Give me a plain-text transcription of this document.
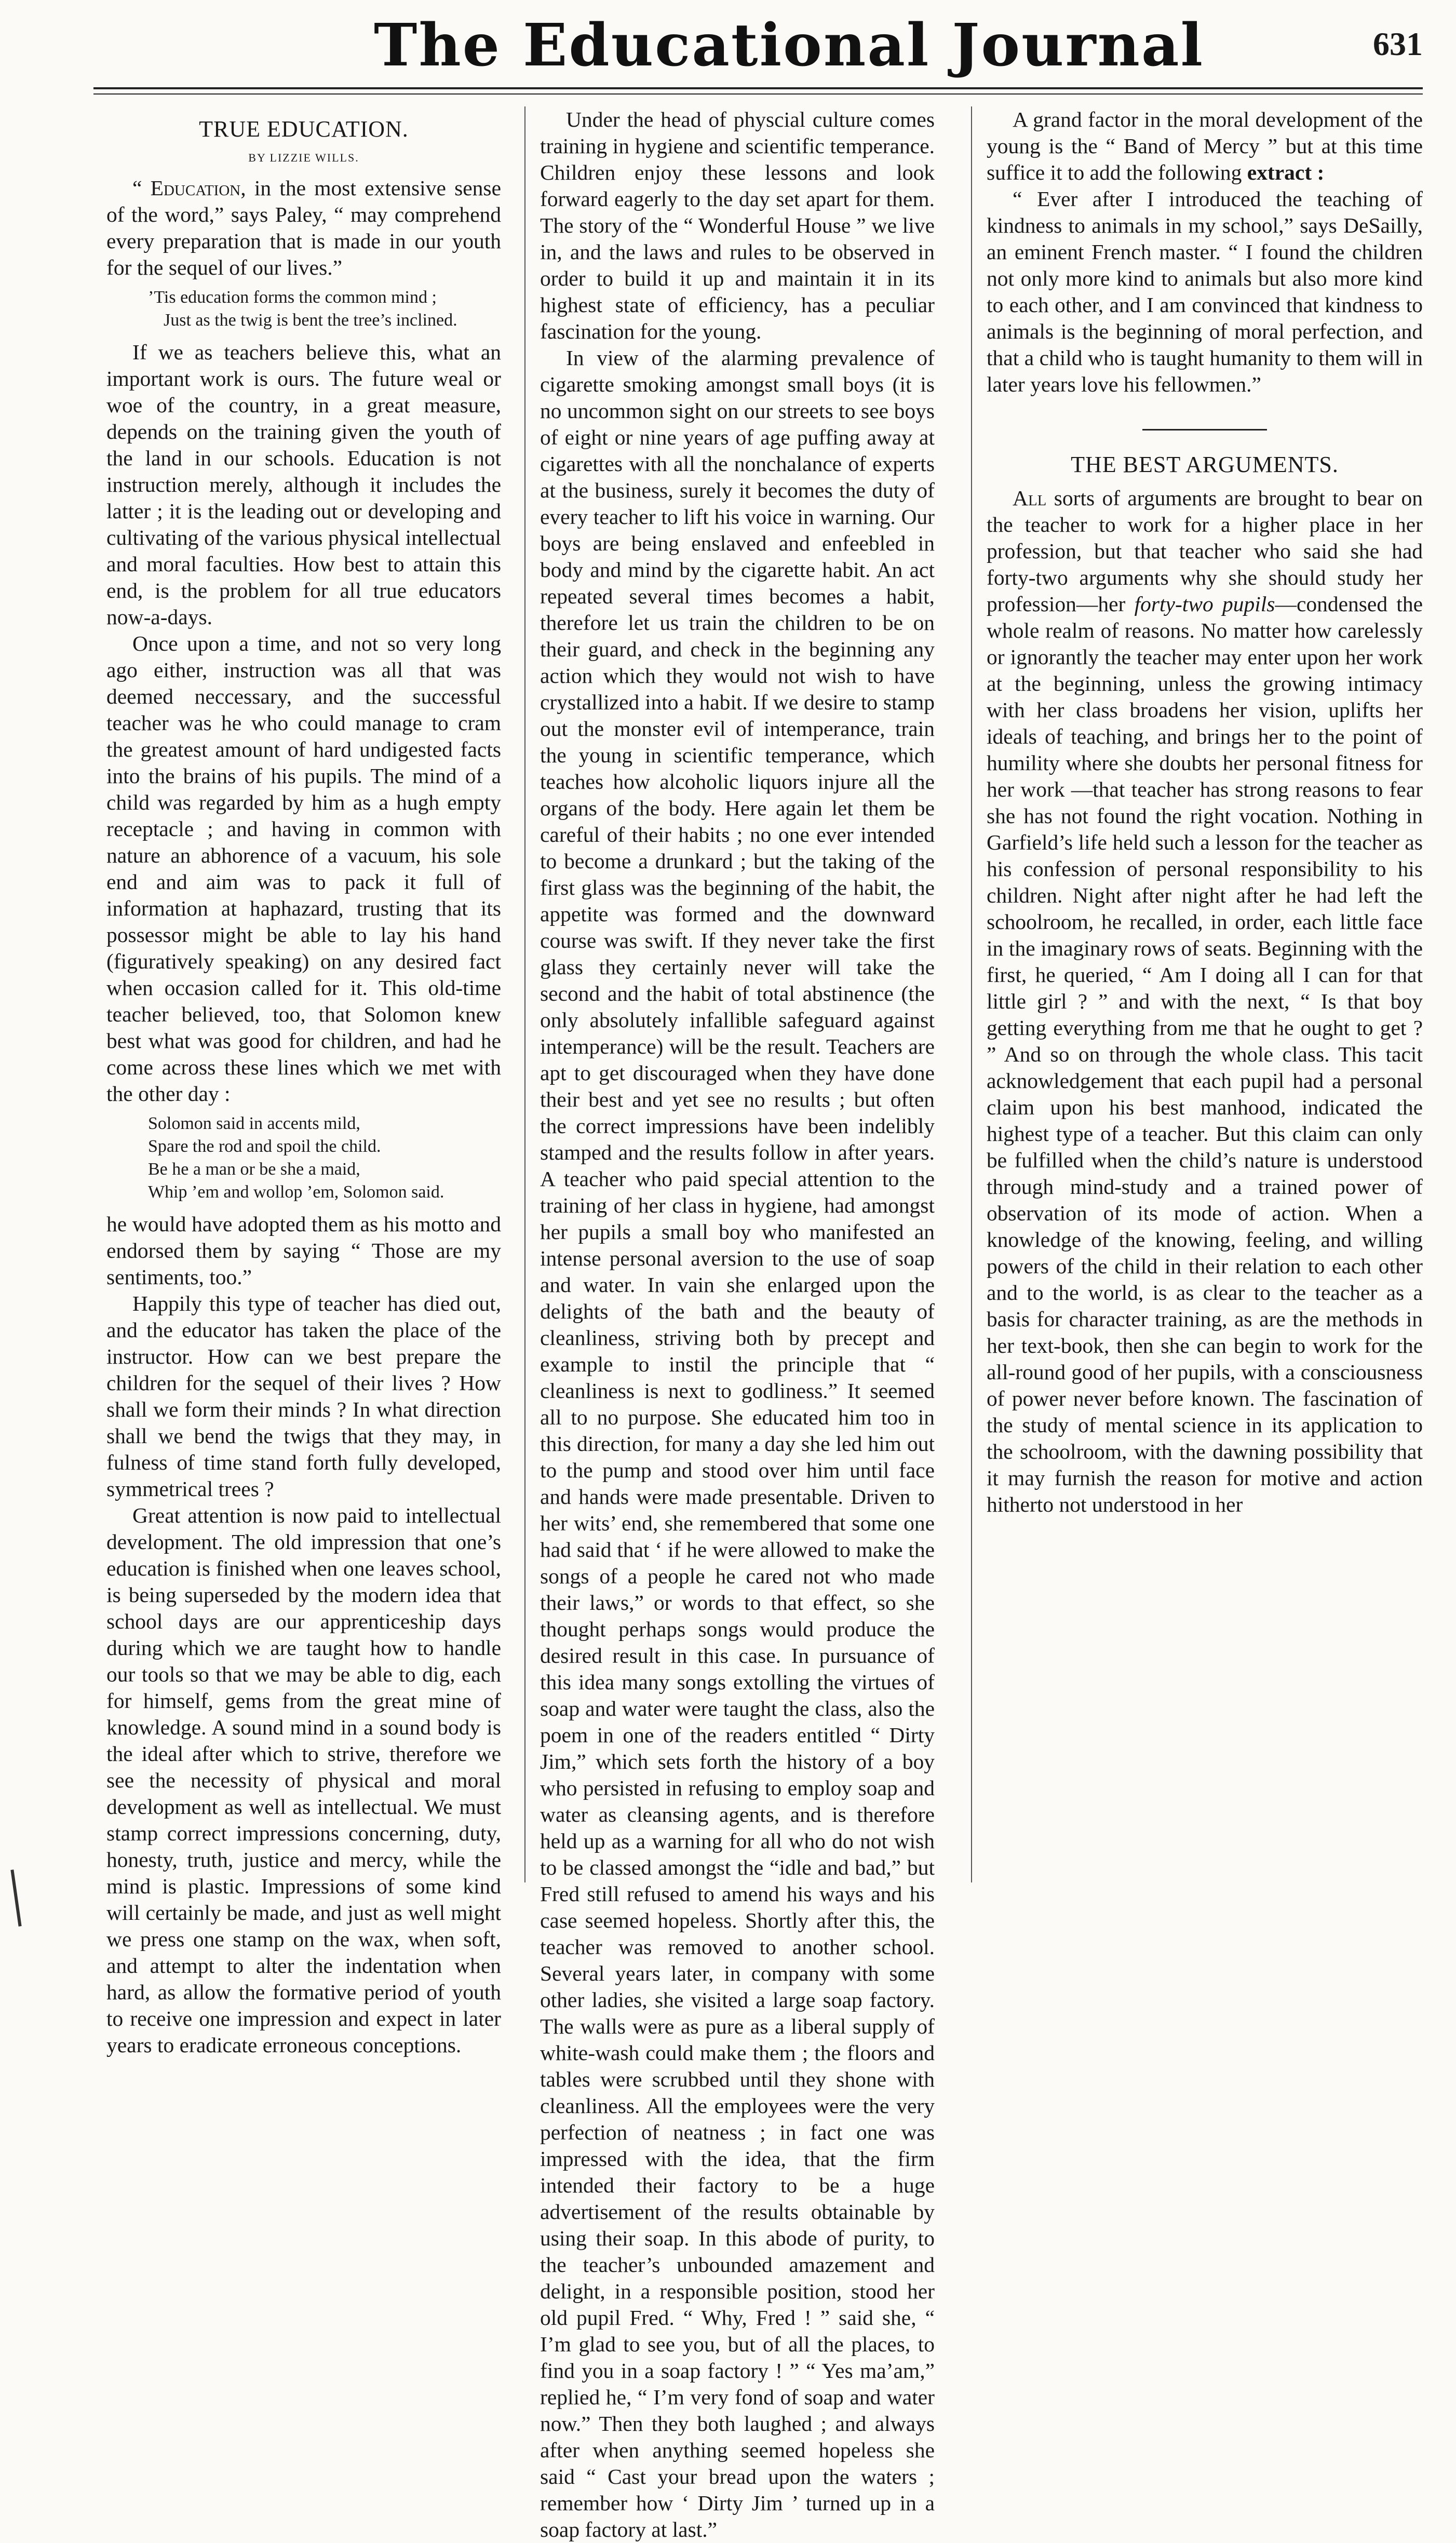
The Educational Journal	631
TRUE EDUCATION.
BY LIZZIE WILLS.

“ Education, in the most extensive sense of the word,” says Paley, “ may comprehend every preparation that is made in our youth for the sequel of our lives.”

’Tis education forms the common mind ;
Just as the twig is bent the tree’s inclined.

If we as teachers believe this, what an important work is ours. The future weal or woe of the country, in a great measure, depends on the training given the youth of the land in our schools. Education is not instruction merely, although it includes the latter ; it is the leading out or developing and cultivating of the various physical intellectual and moral faculties. How best to attain this end, is the problem for all true educators now-a-days.

Once upon a time, and not so very long ago either, instruction was all that was deemed neccessary, and the successful teacher was he who could manage to cram the greatest amount of hard undigested facts into the brains of his pupils. The mind of a child was regarded by him as a hugh empty receptacle ; and having in common with nature an abhorence of a vacuum, his sole end and aim was to pack it full of information at haphazard, trusting that its possessor might be able to lay his hand (figuratively speaking) on any desired fact when occasion called for it. This old-time teacher believed, too, that Solomon knew best what was good for children, and had he come across these lines which we met with the other day :

Solomon said in accents mild,
Spare the rod and spoil the child.
Be he a man or be she a maid,
Whip ’em and wollop ’em, Solomon said.

he would have adopted them as his motto and endorsed them by saying “ Those are my sentiments, too.”

Happily this type of teacher has died out, and the educator has taken the place of the instructor. How can we best prepare the children for the sequel of their lives ? How shall we form their minds ? In what direction shall we bend the twigs that they may, in fulness of time stand forth fully developed, symmetrical trees ?

Great attention is now paid to intellectual development. The old impression that one’s education is finished when one leaves school, is being superseded by the modern idea that school days are our apprenticeship days during which we are taught how to handle our tools so that we may be able to dig, each for himself, gems from the great mine of knowledge. A sound mind in a sound body is the ideal after which to strive, therefore we see the necessity of physical and moral development as well as intellectual. We must stamp correct impressions concerning, duty, honesty, truth, justice and mercy, while the mind is plastic. Impressions of some kind will certainly be made, and just as well might we press one stamp on the wax, when soft, and attempt to alter the indentation when hard, as allow the formative period of youth to receive one impression and expect in later years to eradicate erroneous conceptions.

Under the head of physcial culture comes training in hygiene and scientific temperance. Children enjoy these lessons and look forward eagerly to the day set apart for them. The story of the “ Wonderful House ” we live in, and the laws and rules to be observed in order to build it up and maintain it in its highest state of efficiency, has a peculiar fascination for the young.

In view of the alarming prevalence of cigarette smoking amongst small boys (it is no uncommon sight on our streets to see boys of eight or nine years of age puffing away at cigarettes with all the nonchalance of experts at the business, surely it becomes the duty of every teacher to lift his voice in warning. Our boys are being enslaved and enfeebled in body and mind by the cigarette habit. An act repeated several times becomes a habit, therefore let us train the children to be on their guard, and check in the beginning any action which they would not wish to have crystallized into a habit. If we desire to stamp out the monster evil of intemperance, train the young in scientific temperance, which teaches how alcoholic liquors injure all the organs of the body. Here again let them be careful of their habits ; no one ever intended to become a drunkard ; but the taking of the first glass was the beginning of the habit, the appetite was formed and the downward course was swift. If they never take the first glass they certainly never will take the second and the habit of total abstinence (the only absolutely infallible safeguard against intemperance) will be the result. Teachers are apt to get discouraged when they have done their best and yet see no results ; but often the correct impressions have been indelibly stamped and the results follow in after years. A teacher who paid special attention to the training of her class in hygiene, had amongst her pupils a small boy who manifested an intense personal aversion to the use of soap and water. In vain she enlarged upon the delights of the bath and the beauty of cleanliness, striving both by precept and example to instil the principle that “ cleanliness is next to godliness.” It seemed all to no purpose. She educated him too in this direction, for many a day she led him out to the pump and stood over him until face and hands were made presentable. Driven to her wits’ end, she remembered that some one had said that ‘ if he were allowed to make the songs of a people he cared not who made their laws,” or words to that effect, so she thought perhaps songs would produce the desired result in this case. In pursuance of this idea many songs extolling the virtues of soap and water were taught the class, also the poem in one of the readers entitled “ Dirty Jim,” which sets forth the history of a boy who persisted in refusing to employ soap and water as cleansing agents, and is therefore held up as a warning for all who do not wish to be classed amongst the “idle and bad,” but Fred still refused to amend his ways and his case seemed hopeless. Shortly after this, the teacher was removed to another school. Several years later, in company with some other ladies, she visited a large soap factory. The walls were as pure as a liberal supply of white-wash could make them ; the floors and tables were scrubbed until they shone with cleanliness. All the employees were the very perfection of neatness ; in fact one was impressed with the idea, that the firm intended their factory to be a huge advertisement of the results obtainable by using their soap. In this abode of purity, to the teacher’s unbounded amazement and delight, in a responsible position, stood her old pupil Fred. “ Why, Fred ! ” said she, “ I’m glad to see you, but of all the places, to find you in a soap factory ! ” “ Yes ma’am,” replied he, “ I’m very fond of soap and water now.” Then they both laughed ; and always after when anything seemed hopeless she said “ Cast your bread upon the waters ; remember how ‘ Dirty Jim ’ turned up in a soap factory at last.”

A grand factor in the moral development of the young is the “ Band of Mercy ” but at this time suffice it to add the following extract :

“ Ever after I introduced the teaching of kindness to animals in my school,” says DeSailly, an eminent French master. “ I found the children not only more kind to animals but also more kind to each other, and I am convinced that kindness to animals is the beginning of moral perfection, and that a child who is taught humanity to them will in later years love his fellowmen.”

THE BEST ARGUMENTS.

All sorts of arguments are brought to bear on the teacher to work for a higher place in her profession, but that teacher who said she had forty-two arguments why she should study her profession—her forty-two pupils—condensed the whole realm of reasons. No matter how carelessly or ignorantly the teacher may enter upon her work at the beginning, unless the growing intimacy with her class broadens her vision, uplifts her ideals of teaching, and brings her to the point of humility where she doubts her personal fitness for her work —that teacher has strong reasons to fear she has not found the right vocation. Nothing in Garfield’s life held such a lesson for the teacher as his confession of personal responsibility to his children. Night after night after he had left the schoolroom, he recalled, in order, each little face in the imaginary rows of seats. Beginning with the first, he queried, “ Am I doing all I can for that little girl ? ” and with the next, “ Is that boy getting everything from me that he ought to get ? ” And so on through the whole class. This tacit acknowledgement that each pupil had a personal claim upon his best manhood, indicated the highest type of a teacher. But this claim can only be fulfilled when the child’s nature is understood through mind-study and a trained power of observation of its mode of action. When a knowledge of the knowing, feeling, and willing powers of the child in their relation to each other and to the world, is as clear to the teacher as a basis for character training, as are the methods in her text-book, then she can begin to work for the all-round good of her pupils, with a consciousness of power never before known. The fascination of the study of mental science in its application to the schoolroom, with the dawning possibility that it may furnish the reason for motive and action hitherto not understood in her
